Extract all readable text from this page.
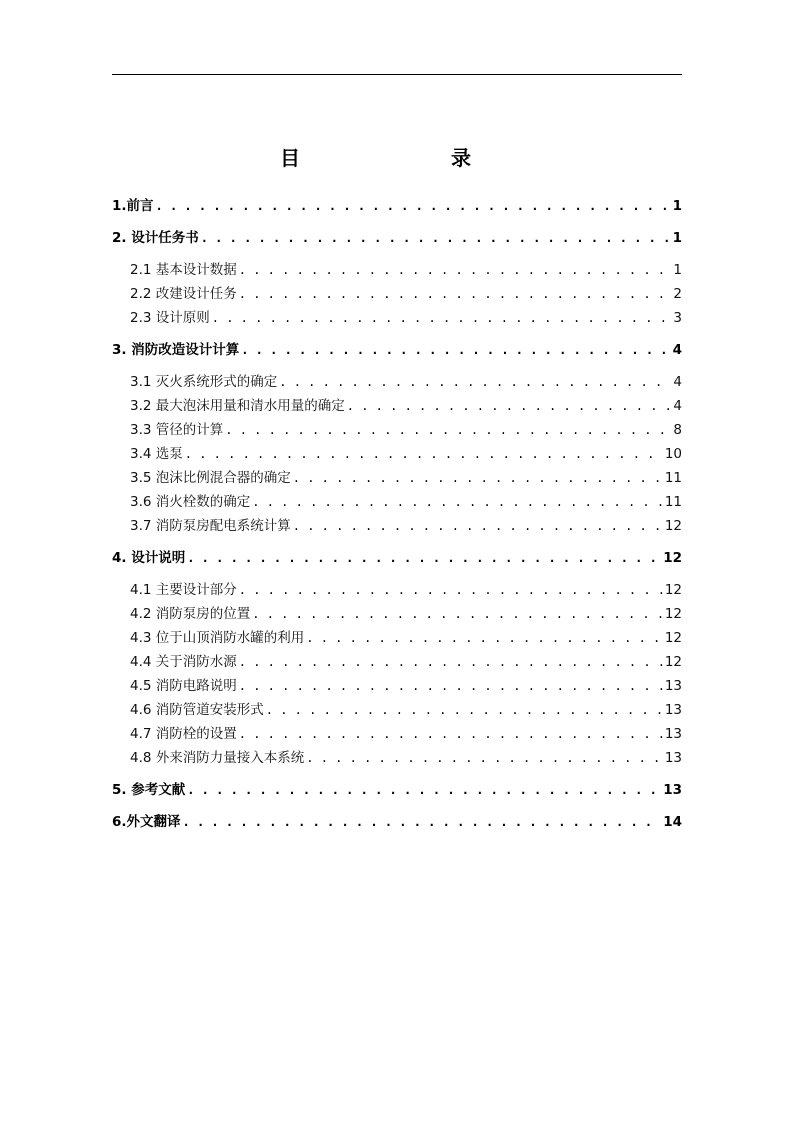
目	录
1.前言 . . .	1
2. 设计任务书 . . .	1
2.1 基本设计数据 . . .	1
2.2 改建设计任务 . . .	2
2.3 设计原则 . . .	3
3. 消防改造设计计算 . . .	4
3.1 灭火系统形式的确定 . . .	4
3.2 最大泡沫用量和清水用量的确定 . . .	4
3.3 管径的计算 . . .	8
3.4 选泵 . . .	10
3.5 泡沫比例混合器的确定 . . .	11
3.6 消火栓数的确定 . . .	11
3.7 消防泵房配电系统计算 . . .	12
4. 设计说明 . . .	12
4.1 主要设计部分 . . .	12
4.2 消防泵房的位置 . . .	12
4.3 位于山顶消防水罐的利用 . . .	12
4.4 关于消防水源 . . .	12
4.5 消防电路说明 . . .	13
4.6 消防管道安装形式 . . .	13
4.7 消防栓的设置 . . .	13
4.8 外来消防力量接入本系统 . . .	13
5. 参考文献 . . .	13
6.外文翻译 . . .	14
